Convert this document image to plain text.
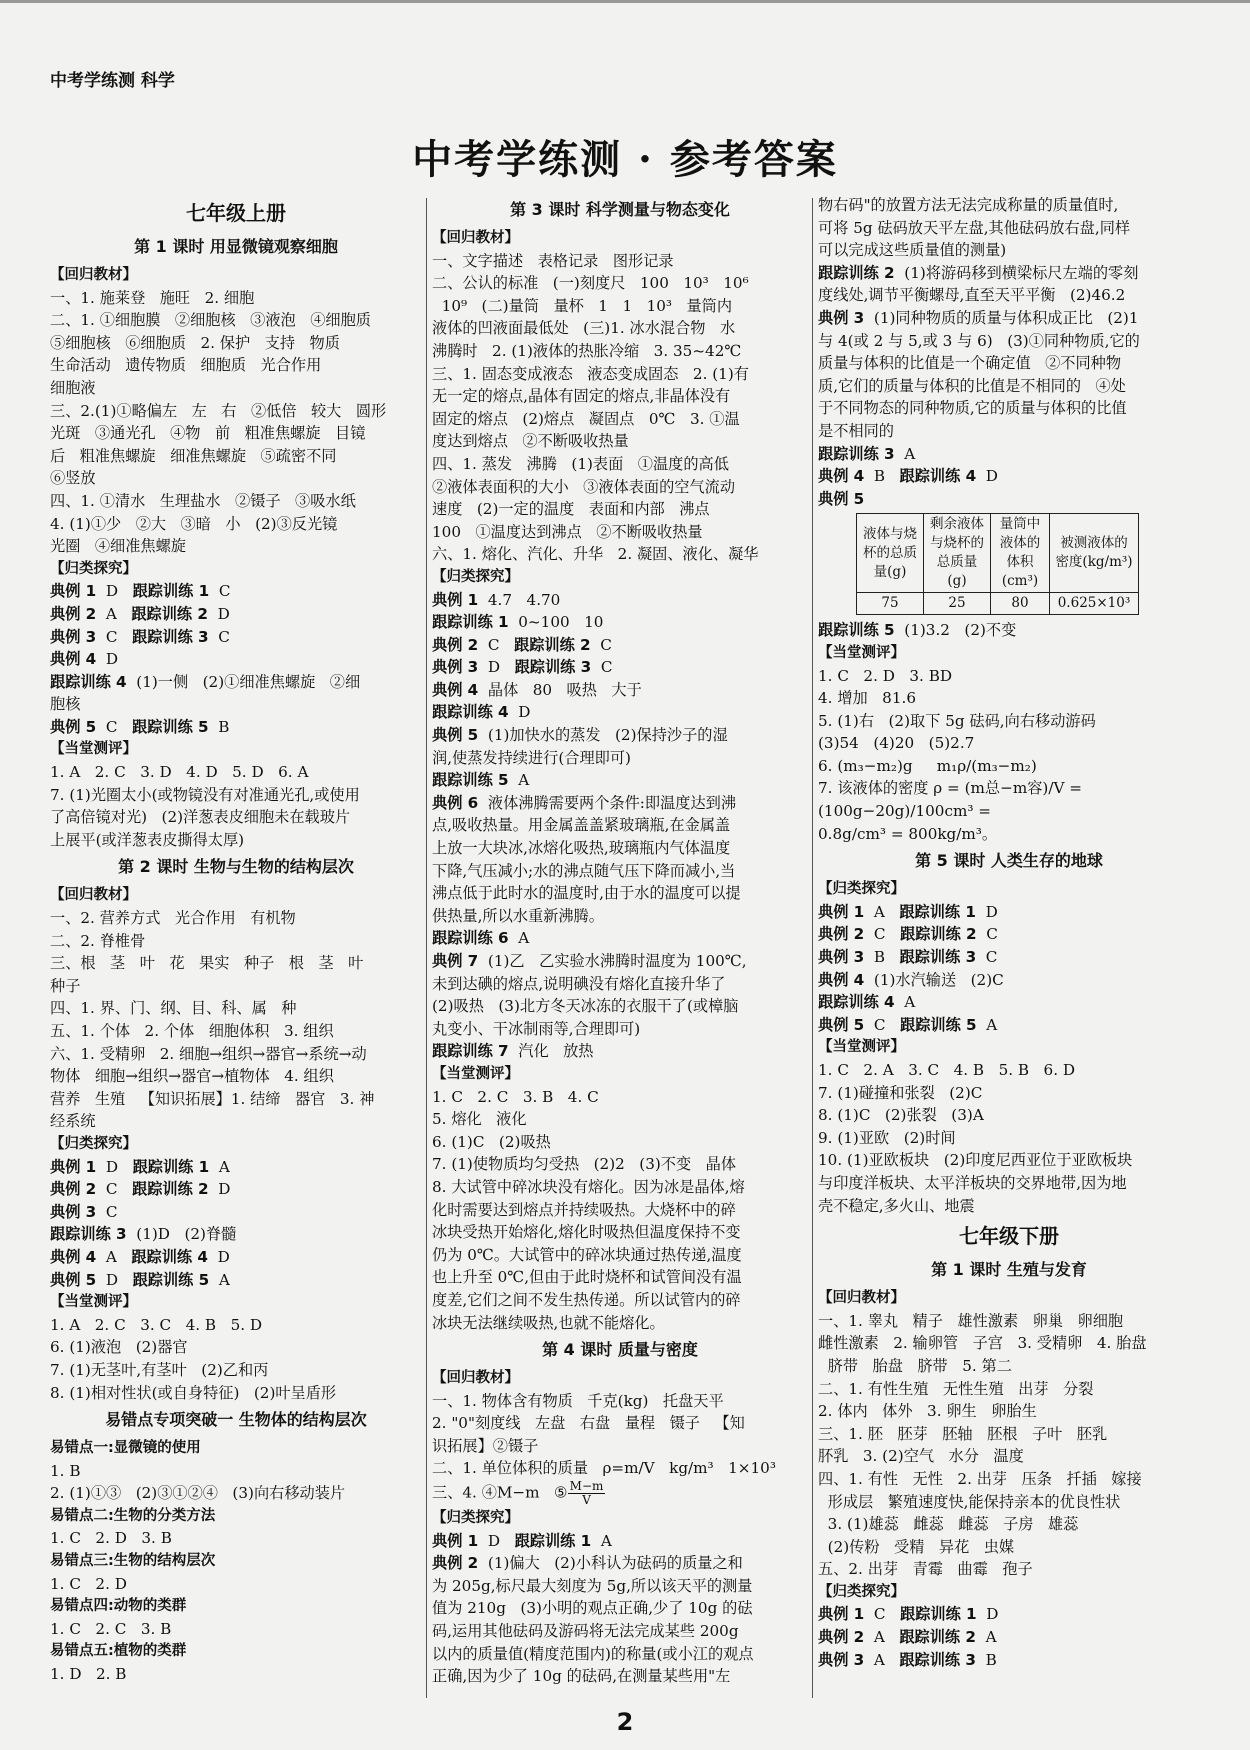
中考学练测 科学
中考学练测 · 参考答案
七年级上册
第 1 课时 用显微镜观察细胞
【回归教材】
一、1. 施莱登   施旺   2. 细胞
二、1. ①细胞膜   ②细胞核   ③液泡   ④细胞质
⑤细胞核   ⑥细胞质   2. 保护   支持   物质
生命活动   遗传物质   细胞质   光合作用
细胞液
三、2.(1)①略偏左   左   右   ②低倍   较大   圆形
光斑   ③通光孔   ④物   前   粗准焦螺旋   目镜
后   粗准焦螺旋   细准焦螺旋   ⑤疏密不同
⑥竖放
四、1. ①清水   生理盐水   ②镊子   ③吸水纸
4. (1)①少   ②大   ③暗   小   (2)③反光镜
光圈   ④细准焦螺旋
【归类探究】
典例 1  D   跟踪训练 1  C
典例 2  A   跟踪训练 2  D
典例 3  C   跟踪训练 3  C
典例 4  D
跟踪训练 4  (1)一侧   (2)①细准焦螺旋   ②细
胞核
典例 5  C   跟踪训练 5  B
【当堂测评】
1. A   2. C   3. D   4. D   5. D   6. A
7. (1)光圈太小(或物镜没有对准通光孔,或使用
了高倍镜对光)   (2)洋葱表皮细胞未在载玻片
上展平(或洋葱表皮撕得太厚)
第 2 课时 生物与生物的结构层次
【回归教材】
一、2. 营养方式   光合作用   有机物
二、2. 脊椎骨
三、根   茎   叶   花   果实   种子   根   茎   叶
种子
四、1. 界、门、纲、目、科、属   种
五、1. 个体   2. 个体   细胞体积   3. 组织
六、1. 受精卵   2. 细胞→组织→器官→系统→动
物体   细胞→组织→器官→植物体   4. 组织
营养   生殖   【知识拓展】1. 结缔   器官   3. 神
经系统
【归类探究】
典例 1  D   跟踪训练 1  A
典例 2  C   跟踪训练 2  D
典例 3  C
跟踪训练 3  (1)D   (2)脊髓
典例 4  A   跟踪训练 4  D
典例 5  D   跟踪训练 5  A
【当堂测评】
1. A   2. C   3. C   4. B   5. D
6. (1)液泡   (2)器官
7. (1)无茎叶,有茎叶   (2)乙和丙
8. (1)相对性状(或自身特征)   (2)叶呈盾形
易错点专项突破一 生物体的结构层次
易错点一:显微镜的使用
1. B
2. (1)①③   (2)③①②④   (3)向右移动装片
易错点二:生物的分类方法
1. C   2. D   3. B
易错点三:生物的结构层次
1. C   2. D
易错点四:动物的类群
1. C   2. C   3. B
易错点五:植物的类群
1. D   2. B
第 3 课时 科学测量与物态变化
【回归教材】
一、文字描述   表格记录   图形记录
二、公认的标准   (一)刻度尺   100   10³   10⁶
10⁹   (二)量筒   量杯   1   1   10³   量筒内
液体的凹液面最低处   (三)1. 冰水混合物   水
沸腾时   2. (1)液体的热胀冷缩   3. 35~42℃
三、1. 固态变成液态   液态变成固态   2. (1)有
无一定的熔点,晶体有固定的熔点,非晶体没有
固定的熔点   (2)熔点   凝固点   0℃   3. ①温
度达到熔点   ②不断吸收热量
四、1. 蒸发   沸腾   (1)表面   ①温度的高低
②液体表面积的大小   ③液体表面的空气流动
速度   (2)一定的温度   表面和内部   沸点
100   ①温度达到沸点   ②不断吸收热量
六、1. 熔化、汽化、升华   2. 凝固、液化、凝华
【归类探究】
典例 1  4.7   4.70
跟踪训练 1  0~100   10
典例 2  C   跟踪训练 2  C
典例 3  D   跟踪训练 3  C
典例 4  晶体   80   吸热   大于
跟踪训练 4  D
典例 5  (1)加快水的蒸发   (2)保持沙子的湿
润,使蒸发持续进行(合理即可)
跟踪训练 5  A
典例 6  液体沸腾需要两个条件:即温度达到沸
点,吸收热量。用金属盖盖紧玻璃瓶,在金属盖
上放一大块冰,冰熔化吸热,玻璃瓶内气体温度
下降,气压减小;水的沸点随气压下降而减小,当
沸点低于此时水的温度时,由于水的温度可以提
供热量,所以水重新沸腾。
跟踪训练 6  A
典例 7  (1)乙   乙实验水沸腾时温度为 100℃,
未到达碘的熔点,说明碘没有熔化直接升华了
(2)吸热   (3)北方冬天冰冻的衣服干了(或樟脑
丸变小、干冰制雨等,合理即可)
跟踪训练 7  汽化   放热
【当堂测评】
1. C   2. C   3. B   4. C
5. 熔化   液化
6. (1)C   (2)吸热
7. (1)使物质均匀受热   (2)2   (3)不变   晶体
8. 大试管中碎冰块没有熔化。因为冰是晶体,熔
化时需要达到熔点并持续吸热。大烧杯中的碎
冰块受热开始熔化,熔化时吸热但温度保持不变
仍为 0℃。大试管中的碎冰块通过热传递,温度
也上升至 0℃,但由于此时烧杯和试管间没有温
度差,它们之间不发生热传递。所以试管内的碎
冰块无法继续吸热,也就不能熔化。
第 4 课时 质量与密度
【回归教材】
一、1. 物体含有物质   千克(kg)   托盘天平
2. "0"刻度线   左盘   右盘   量程   镊子   【知
识拓展】②镊子
二、1. 单位体积的质量   ρ=m/V   kg/m³   1×10³
三、4. ④M−m   ⑤ $\frac{M-m}{V}$
【归类探究】
典例 1  D   跟踪训练 1  A
典例 2  (1)偏大   (2)小科认为砝码的质量之和
为 205g,标尺最大刻度为 5g,所以该天平的测量
值为 210g   (3)小明的观点正确,少了 10g 的砝
码,运用其他砝码及游码将无法完成某些 200g
以内的质量值(精度范围内)的称量(或小江的观点
正确,因为少了 10g 的砝码,在测量某些用"左
物右码"的放置方法无法完成称量的质量值时,
可将 5g 砝码放天平左盘,其他砝码放右盘,同样
可以完成这些质量值的测量)
跟踪训练 2  (1)将游码移到横梁标尺左端的零刻
度线处,调节平衡螺母,直至天平平衡   (2)46.2
典例 3  (1)同种物质的质量与体积成正比   (2)1
与 4(或 2 与 5,或 3 与 6)   (3)①同种物质,它的
质量与体积的比值是一个确定值   ②不同种物
质,它们的质量与体积的比值是不相同的   ④处
于不同物态的同种物质,它的质量与体积的比值
是不相同的
跟踪训练 3  A
典例 4  B   跟踪训练 4  D
典例 5
液体与烧杯的总质量(g)	剩余液体与烧杯的总质量(g)	量筒中液体的体积(cm³)	被测液体的密度(kg/m³)
75	25	80	0.625×10³
跟踪训练 5  (1)3.2   (2)不变
【当堂测评】
1. C   2. D   3. BD
4. 增加   81.6
5. (1)右   (2)取下 5g 砝码,向右移动游码
(3)54   (4)20   (5)2.7
6. (m₃−m₂)g     m₁ρ/(m₃−m₂)
7. 该液体的密度 ρ = (m总−m容)/V = (100g−20g)/100cm³ =
0.8g/cm³ = 800kg/m³。
第 5 课时 人类生存的地球
【归类探究】
典例 1  A   跟踪训练 1  D
典例 2  C   跟踪训练 2  C
典例 3  B   跟踪训练 3  C
典例 4  (1)水汽输送   (2)C
跟踪训练 4  A
典例 5  C   跟踪训练 5  A
【当堂测评】
1. C   2. A   3. C   4. B   5. B   6. D
7. (1)碰撞和张裂   (2)C
8. (1)C   (2)张裂   (3)A
9. (1)亚欧   (2)时间
10. (1)亚欧板块   (2)印度尼西亚位于亚欧板块
与印度洋板块、太平洋板块的交界地带,因为地
壳不稳定,多火山、地震
七年级下册
第 1 课时 生殖与发育
【回归教材】
一、1. 睾丸   精子   雄性激素   卵巢   卵细胞
雌性激素   2. 输卵管   子宫   3. 受精卵   4. 胎盘
脐带   胎盘   脐带   5. 第二
二、1. 有性生殖   无性生殖   出芽   分裂
2. 体内   体外   3. 卵生   卵胎生
三、1. 胚   胚芽   胚轴   胚根   子叶   胚乳
肧乳   3. (2)空气   水分   温度
四、1. 有性   无性   2. 出芽   压条   扦插   嫁接
形成层   繁殖速度快,能保持亲本的优良性状
3. (1)雄蕊   雌蕊   雌蕊   子房   雄蕊
(2)传粉   受精   异花   虫媒
五、2. 出芽   青霉   曲霉   孢子
【归类探究】
典例 1  C   跟踪训练 1  D
典例 2  A   跟踪训练 2  A
典例 3  A   跟踪训练 3  B
2
